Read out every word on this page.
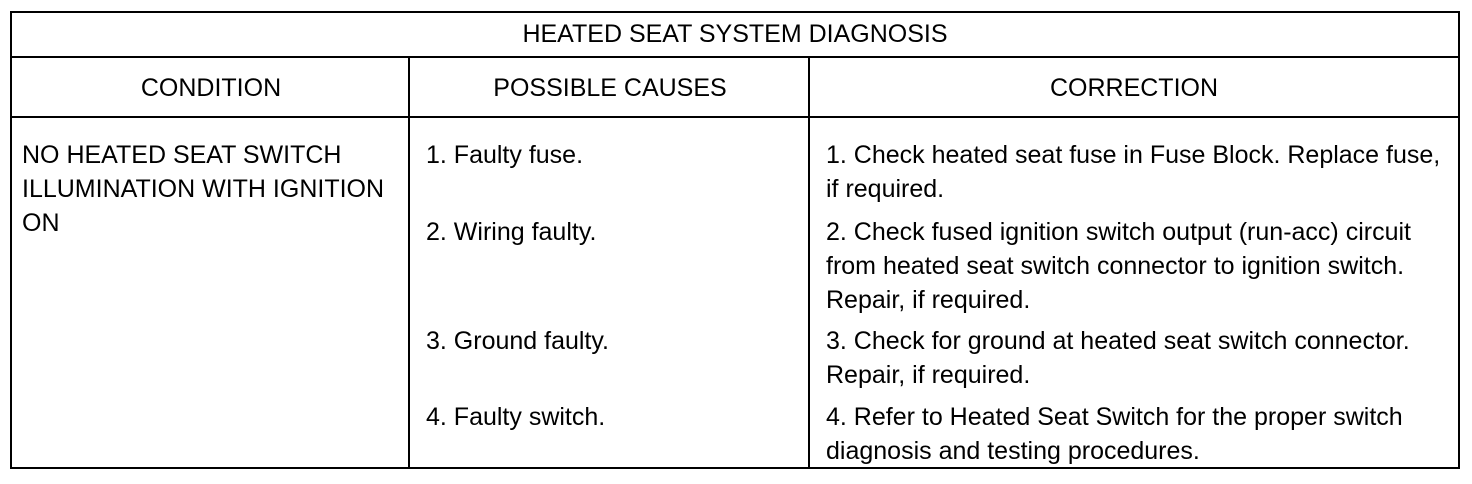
HEATED SEAT SYSTEM DIAGNOSIS
CONDITION	POSSIBLE CAUSES	CORRECTION
NO HEATED SEAT SWITCH ILLUMINATION WITH IGNITION ON
1. Faulty fuse.	1. Check heated seat fuse in Fuse Block. Replace fuse, if required.
2. Wiring faulty.	2. Check fused ignition switch output (run-acc) circuit from heated seat switch connector to ignition switch. Repair, if required.
3. Ground faulty.	3. Check for ground at heated seat switch connector. Repair, if required.
4. Faulty switch.	4. Refer to Heated Seat Switch for the proper switch diagnosis and testing procedures.
